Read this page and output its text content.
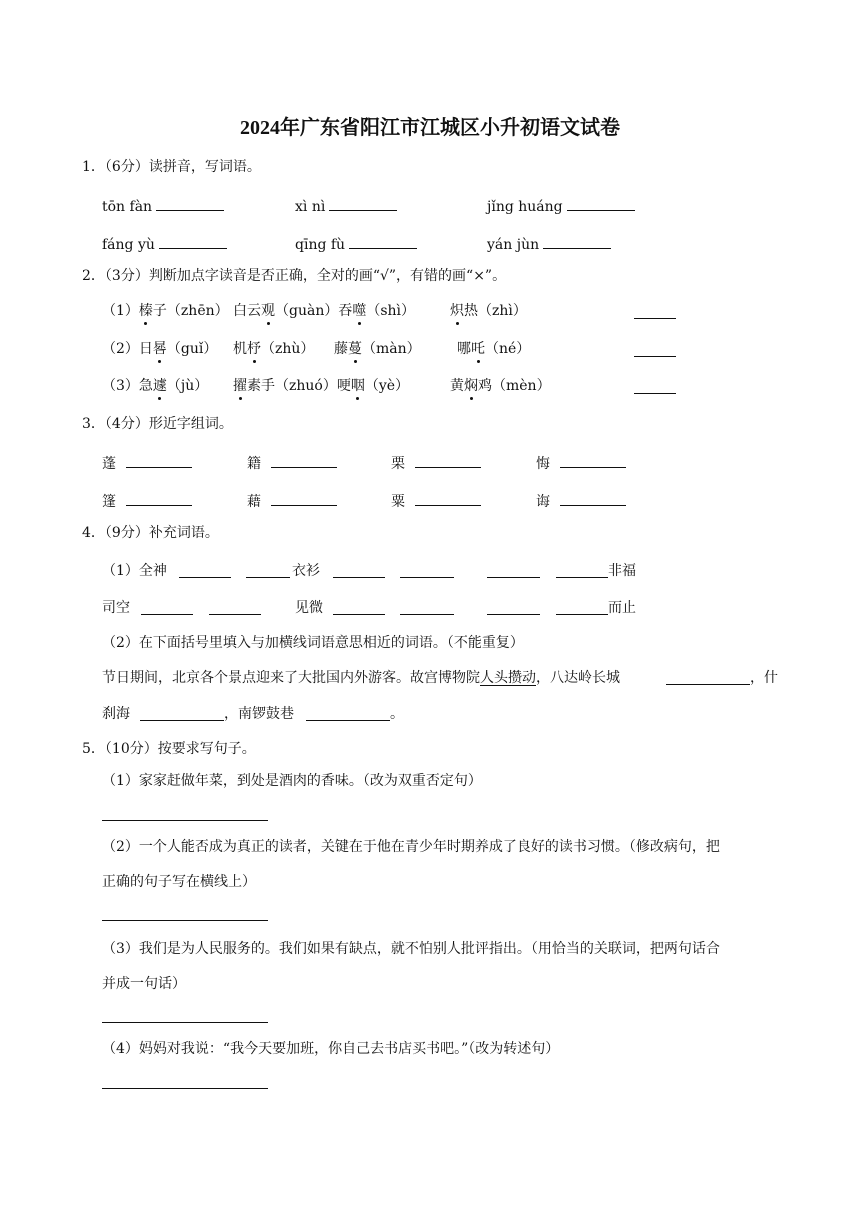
2024年广东省阳江市江城区小升初语文试卷
1．（6分）读拼音，写词语。
tōn fàn	xì nì	jǐng huáng
fáng yù	qīng fù	yán jùn
2．（3分）判断加点字读音是否正确，全对的画“√”，有错的画“×”。
（1）榛子（zhēn） 白云观（guàn）吞噬（shì） 炽热（zhì）
（2）日晷（guǐ） 机杼（zhù） 藤蔓（màn）	哪吒（né）
（3）急遽（jù） 擢素手（zhuó）哽咽（yè）	黄焖鸡（mèn）
3．（4分）形近字组词。
蓬	籍	栗	悔
篷	藉	粟	诲
4．（9分）补充词语。
（1）全神	衣衫	非福
司空	见微	而止
（2）在下面括号里填入与加横线词语意思相近的词语。（不能重复）
节日期间，北京各个景点迎来了大批国内外游客。故宫博物院人头攒动，八达岭长城	，什
刹海	，南锣鼓巷	。
5．（10分）按要求写句子。
（1）家家赶做年菜，到处是酒肉的香味。（改为双重否定句）
（2）一个人能否成为真正的读者，关键在于他在青少年时期养成了良好的读书习惯。（修改病句，把
正确的句子写在横线上）
（3）我们是为人民服务的。我们如果有缺点，就不怕别人批评指出。（用恰当的关联词，把两句话合
并成一句话）
（4）妈妈对我说：“我今天要加班，你自己去书店买书吧。”（改为转述句）
